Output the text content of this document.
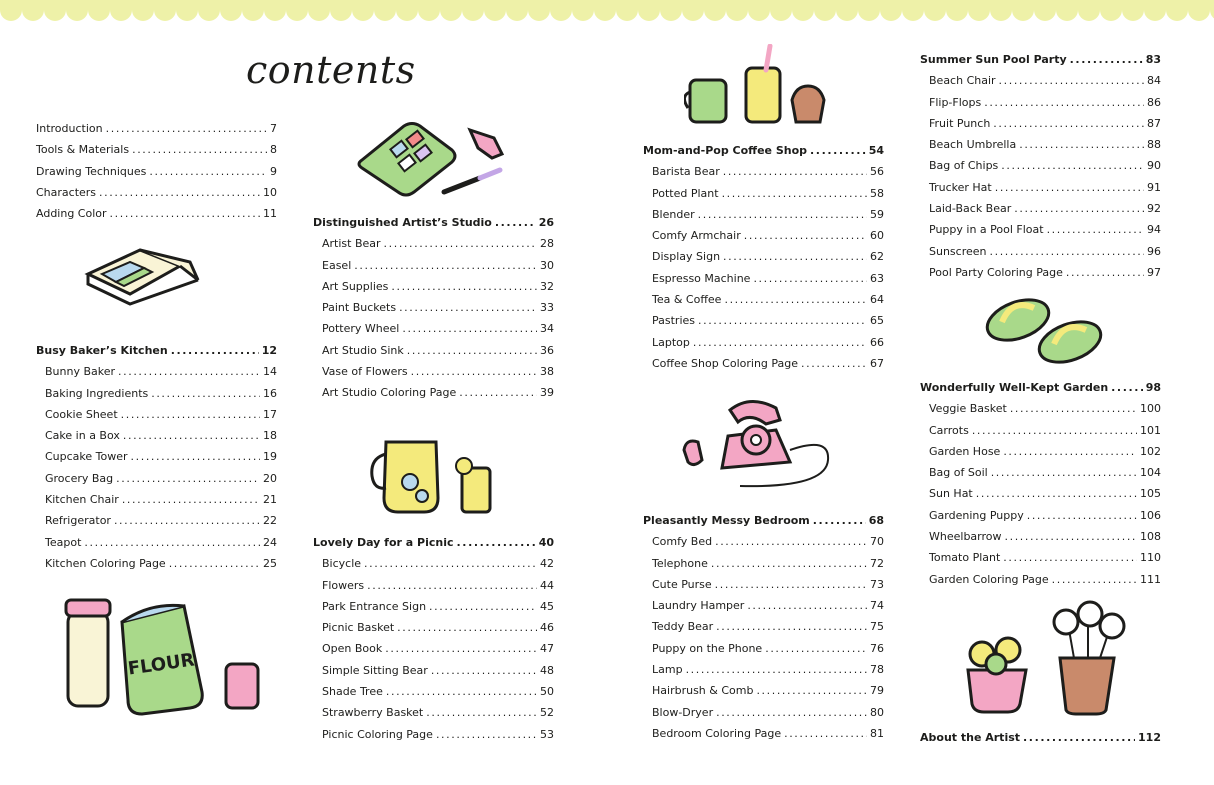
contents
Introduction .....	7
Tools & Materials .....	8
Drawing Techniques .....	9
Characters .....	10
Adding Color .....	11
Busy Baker’s Kitchen .....	12
Bunny Baker .....	14
Baking Ingredients .....	16
Cookie Sheet .....	17
Cake in a Box .....	18
Cupcake Tower .....	19
Grocery Bag .....	20
Kitchen Chair .....	21
Refrigerator .....	22
Teapot .....	24
Kitchen Coloring Page .....	25
Distinguished Artist’s Studio .....	26
Artist Bear .....	28
Easel .....	30
Art Supplies .....	32
Paint Buckets .....	33
Pottery Wheel .....	34
Art Studio Sink .....	36
Vase of Flowers .....	38
Art Studio Coloring Page .....	39
Lovely Day for a Picnic .....	40
Bicycle .....	42
Flowers .....	44
Park Entrance Sign .....	45
Picnic Basket .....	46
Open Book .....	47
Simple Sitting Bear .....	48
Shade Tree .....	50
Strawberry Basket .....	52
Picnic Coloring Page .....	53
Mom-and-Pop Coffee Shop .....	54
Barista Bear .....	56
Potted Plant .....	58
Blender .....	59
Comfy Armchair .....	60
Display Sign .....	62
Espresso Machine .....	63
Tea & Coffee .....	64
Pastries .....	65
Laptop .....	66
Coffee Shop Coloring Page .....	67
Pleasantly Messy Bedroom .....	68
Comfy Bed .....	70
Telephone .....	72
Cute Purse .....	73
Laundry Hamper .....	74
Teddy Bear .....	75
Puppy on the Phone .....	76
Lamp .....	78
Hairbrush & Comb .....	79
Blow-Dryer .....	80
Bedroom Coloring Page .....	81
Summer Sun Pool Party .....	83
Beach Chair .....	84
Flip-Flops .....	86
Fruit Punch .....	87
Beach Umbrella .....	88
Bag of Chips .....	90
Trucker Hat .....	91
Laid-Back Bear .....	92
Puppy in a Pool Float .....	94
Sunscreen .....	96
Pool Party Coloring Page .....	97
Wonderfully Well-Kept Garden .....	98
Veggie Basket .....	100
Carrots .....	101
Garden Hose .....	102
Bag of Soil .....	104
Sun Hat .....	105
Gardening Puppy .....	106
Wheelbarrow .....	108
Tomato Plant .....	110
Garden Coloring Page .....	111
About the Artist .....	112
FLOUR
